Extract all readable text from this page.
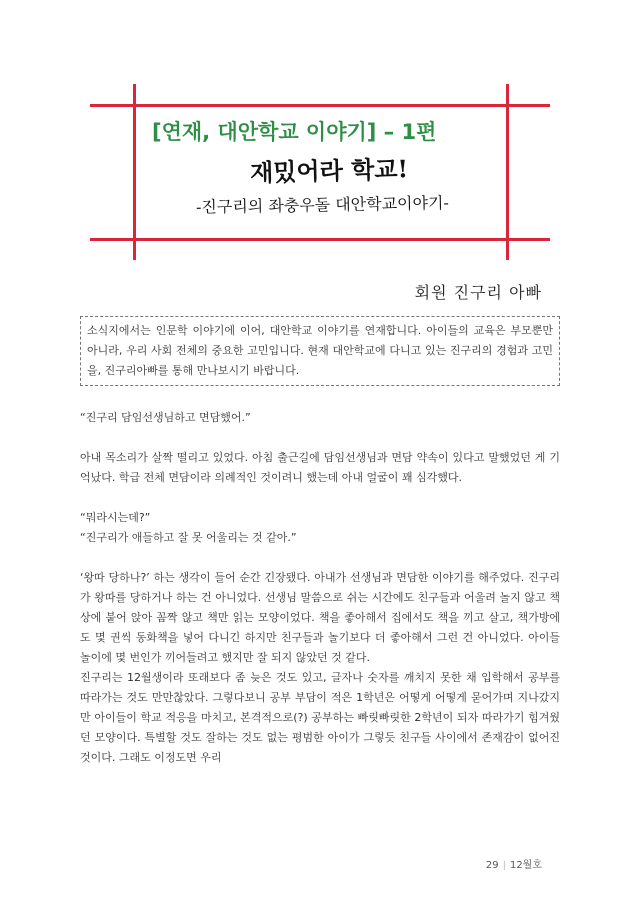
[연재, 대안학교 이야기] – 1편
재밌어라 학교!
-진구리의 좌충우돌 대안학교이야기-
회원 진구리 아빠
소식지에서는 인문학 이야기에 이어, 대안학교 이야기를 연재합니다. 아이들의 교육은 부모뿐만 아니라, 우리 사회 전체의 중요한 고민입니다. 현재 대안학교에 다니고 있는 진구리의 경험과 고민을, 진구리아빠를 통해 만나보시기 바랍니다.

“진구리 담임선생님하고 면담했어.”

아내 목소리가 살짝 떨리고 있었다. 아침 출근길에 담임선생님과 면담 약속이 있다고 말했었던 게 기억났다. 학급 전체 면담이라 의례적인 것이려니 했는데 아내 얼굴이 꽤 심각했다.

“뭐라시는데?”

“진구리가 애들하고 잘 못 어울리는 것 같아.”

‘왕따 당하나?’ 하는 생각이 들어 순간 긴장됐다. 아내가 선생님과 면담한 이야기를 해주었다. 진구리가 왕따를 당하거나 하는 건 아니었다. 선생님 말씀으로 쉬는 시간에도 친구들과 어울려 놀지 않고 책상에 붙어 앉아 꼼짝 않고 책만 읽는 모양이었다. 책을 좋아해서 집에서도 책을 끼고 살고, 책가방에도 몇 권씩 동화책을 넣어 다니긴 하지만 친구들과 놀기보다 더 좋아해서 그런 건 아니었다. 아이들 놀이에 몇 번인가 끼어들려고 했지만 잘 되지 않았던 것 같다.

진구리는 12월생이라 또래보다 좀 늦은 것도 있고, 글자나 숫자를 깨치지 못한 채 입학해서 공부를 따라가는 것도 만만찮았다. 그렇다보니 공부 부담이 적은 1학년은 어떻게 어떻게 묻어가며 지나갔지만 아이들이 학교 적응을 마치고, 본격적으로(?) 공부하는 빠릿빠릿한 2학년이 되자 따라가기 힘겨웠던 모양이다. 특별할 것도 잘하는 것도 없는 평범한 아이가 그렇듯 친구들 사이에서 존재감이 없어진 것이다. 그래도 이정도면 우리

29 | 12월호
